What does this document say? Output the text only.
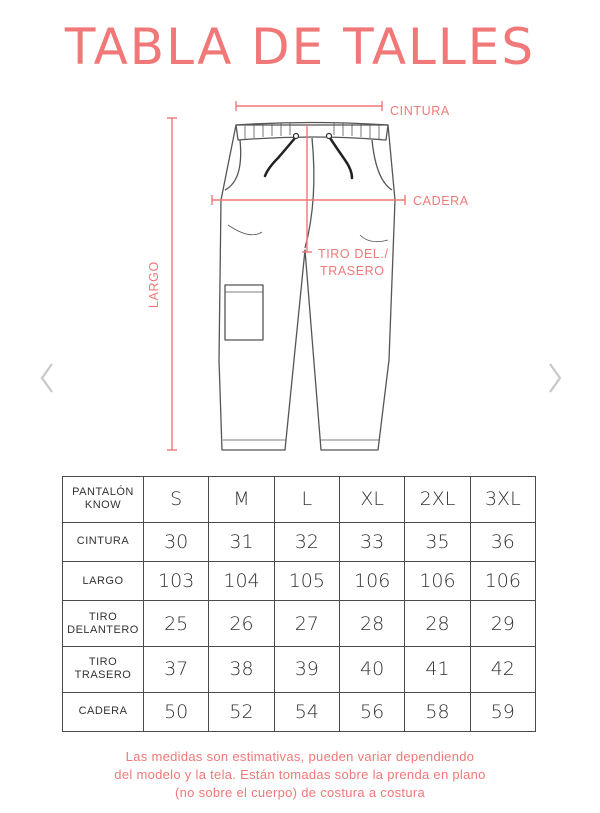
TABLA DE TALLES
CINTURA
CADERA
TIRO DEL./
TRASERO
LARGO
PANTALÓN
KNOW	S	M	L	XL	2XL	3XL
CINTURA	30	31	32	33	35	36
LARGO	103	104	105	106	106	106
TIRO
DELANTERO	25	26	27	28	28	29
TIRO
TRASERO	37	38	39	40	41	42
CADERA	50	52	54	56	58	59
Las medidas son estimativas, pueden variar dependiendo
del modelo y la tela. Están tomadas sobre la prenda en plano
(no sobre el cuerpo) de costura a costura
